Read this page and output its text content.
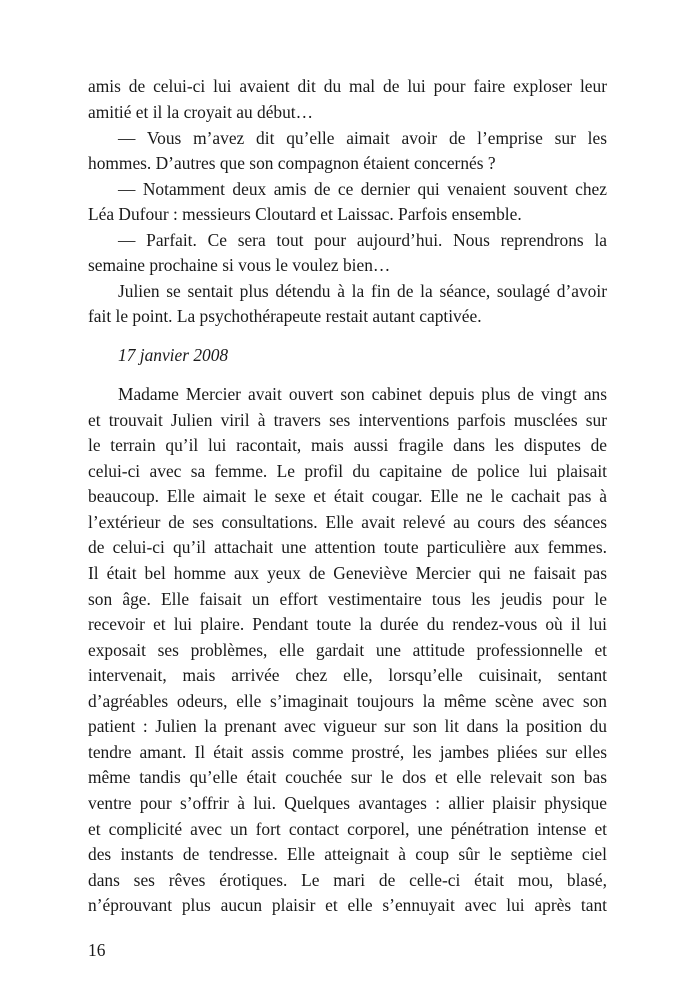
amis de celui-ci lui avaient dit du mal de lui pour faire exploser leur
amitié et il la croyait au début…
— Vous m’avez dit qu’elle aimait avoir de l’emprise sur les
hommes. D’autres que son compagnon étaient concernés ?
— Notamment deux amis de ce dernier qui venaient souvent chez
Léa Dufour : messieurs Cloutard et Laissac. Parfois ensemble.
— Parfait. Ce sera tout pour aujourd’hui. Nous reprendrons la
semaine prochaine si vous le voulez bien…
Julien se sentait plus détendu à la fin de la séance, soulagé d’avoir
fait le point. La psychothérapeute restait autant captivée.
17 janvier 2008
Madame Mercier avait ouvert son cabinet depuis plus de vingt ans
et trouvait Julien viril à travers ses interventions parfois musclées sur
le terrain qu’il lui racontait, mais aussi fragile dans les disputes de
celui-ci avec sa femme. Le profil du capitaine de police lui plaisait
beaucoup. Elle aimait le sexe et était cougar. Elle ne le cachait pas à
l’extérieur de ses consultations. Elle avait relevé au cours des séances
de celui-ci qu’il attachait une attention toute particulière aux femmes.
Il était bel homme aux yeux de Geneviève Mercier qui ne faisait pas
son âge. Elle faisait un effort vestimentaire tous les jeudis pour le
recevoir et lui plaire. Pendant toute la durée du rendez-vous où il lui
exposait ses problèmes, elle gardait une attitude professionnelle et
intervenait, mais arrivée chez elle, lorsqu’elle cuisinait, sentant
d’agréables odeurs, elle s’imaginait toujours la même scène avec son
patient : Julien la prenant avec vigueur sur son lit dans la position du
tendre amant. Il était assis comme prostré, les jambes pliées sur elles
même tandis qu’elle était couchée sur le dos et elle relevait son bas
ventre pour s’offrir à lui. Quelques avantages : allier plaisir physique
et complicité avec un fort contact corporel, une pénétration intense et
des instants de tendresse. Elle atteignait à coup sûr le septième ciel
dans ses rêves érotiques. Le mari de celle-ci était mou, blasé,
n’éprouvant plus aucun plaisir et elle s’ennuyait avec lui après tant
16
